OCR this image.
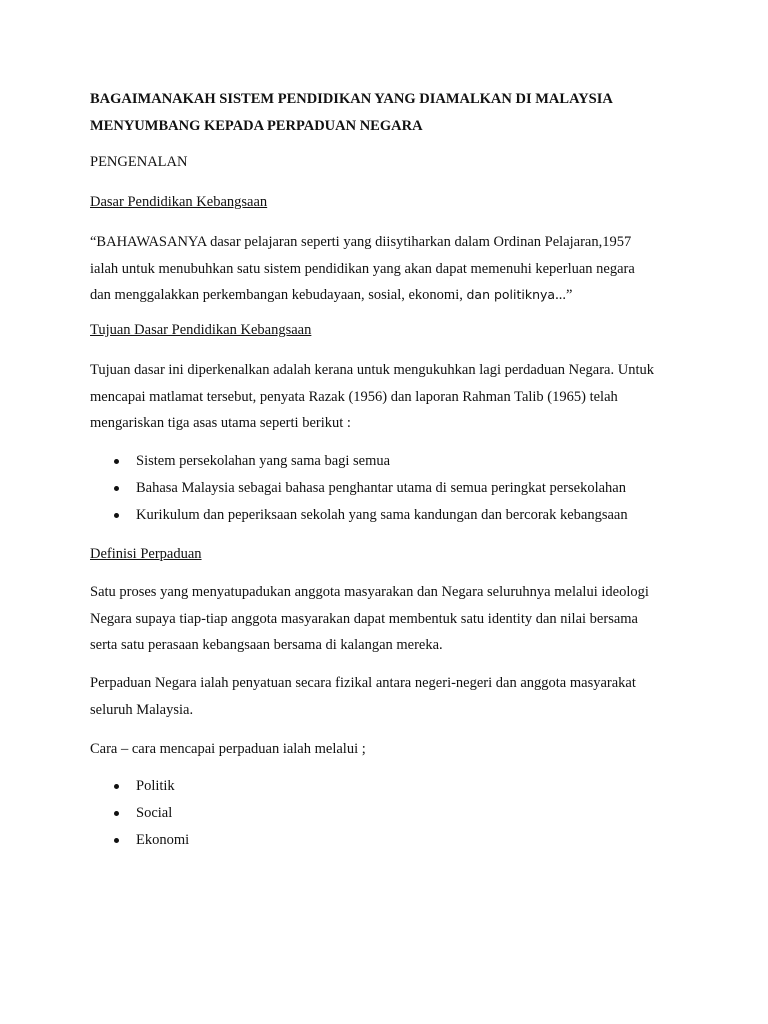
BAGAIMANAKAH SISTEM PENDIDIKAN YANG DIAMALKAN DI MALAYSIA
MENYUMBANG KEPADA PERPADUAN NEGARA
PENGENALAN
Dasar Pendidikan Kebangsaan
“BAHAWASANYA dasar pelajaran seperti yang diisytiharkan dalam Ordinan Pelajaran,1957
ialah untuk menubuhkan satu sistem pendidikan yang akan dapat memenuhi keperluan negara
dan menggalakkan perkembangan kebudayaan, sosial, ekonomi, dan politiknya...”
Tujuan Dasar Pendidikan Kebangsaan
Tujuan dasar ini diperkenalkan adalah kerana untuk mengukuhkan lagi perdaduan Negara. Untuk
mencapai matlamat tersebut, penyata Razak (1956) dan laporan Rahman Talib (1965) telah
mengariskan tiga asas utama seperti berikut :
Sistem persekolahan yang sama bagi semua
Bahasa Malaysia sebagai bahasa penghantar utama di semua peringkat persekolahan
Kurikulum dan peperiksaan sekolah yang sama kandungan dan bercorak kebangsaan
Definisi Perpaduan
Satu proses yang menyatupadukan anggota masyarakan dan Negara seluruhnya melalui ideologi
Negara supaya tiap-tiap anggota masyarakan dapat membentuk satu identity dan nilai bersama
serta satu perasaan kebangsaan bersama di kalangan mereka.
Perpaduan Negara ialah penyatuan secara fizikal antara negeri-negeri dan anggota masyarakat
seluruh Malaysia.
Cara – cara mencapai perpaduan ialah melalui ;
Politik
Social
Ekonomi
